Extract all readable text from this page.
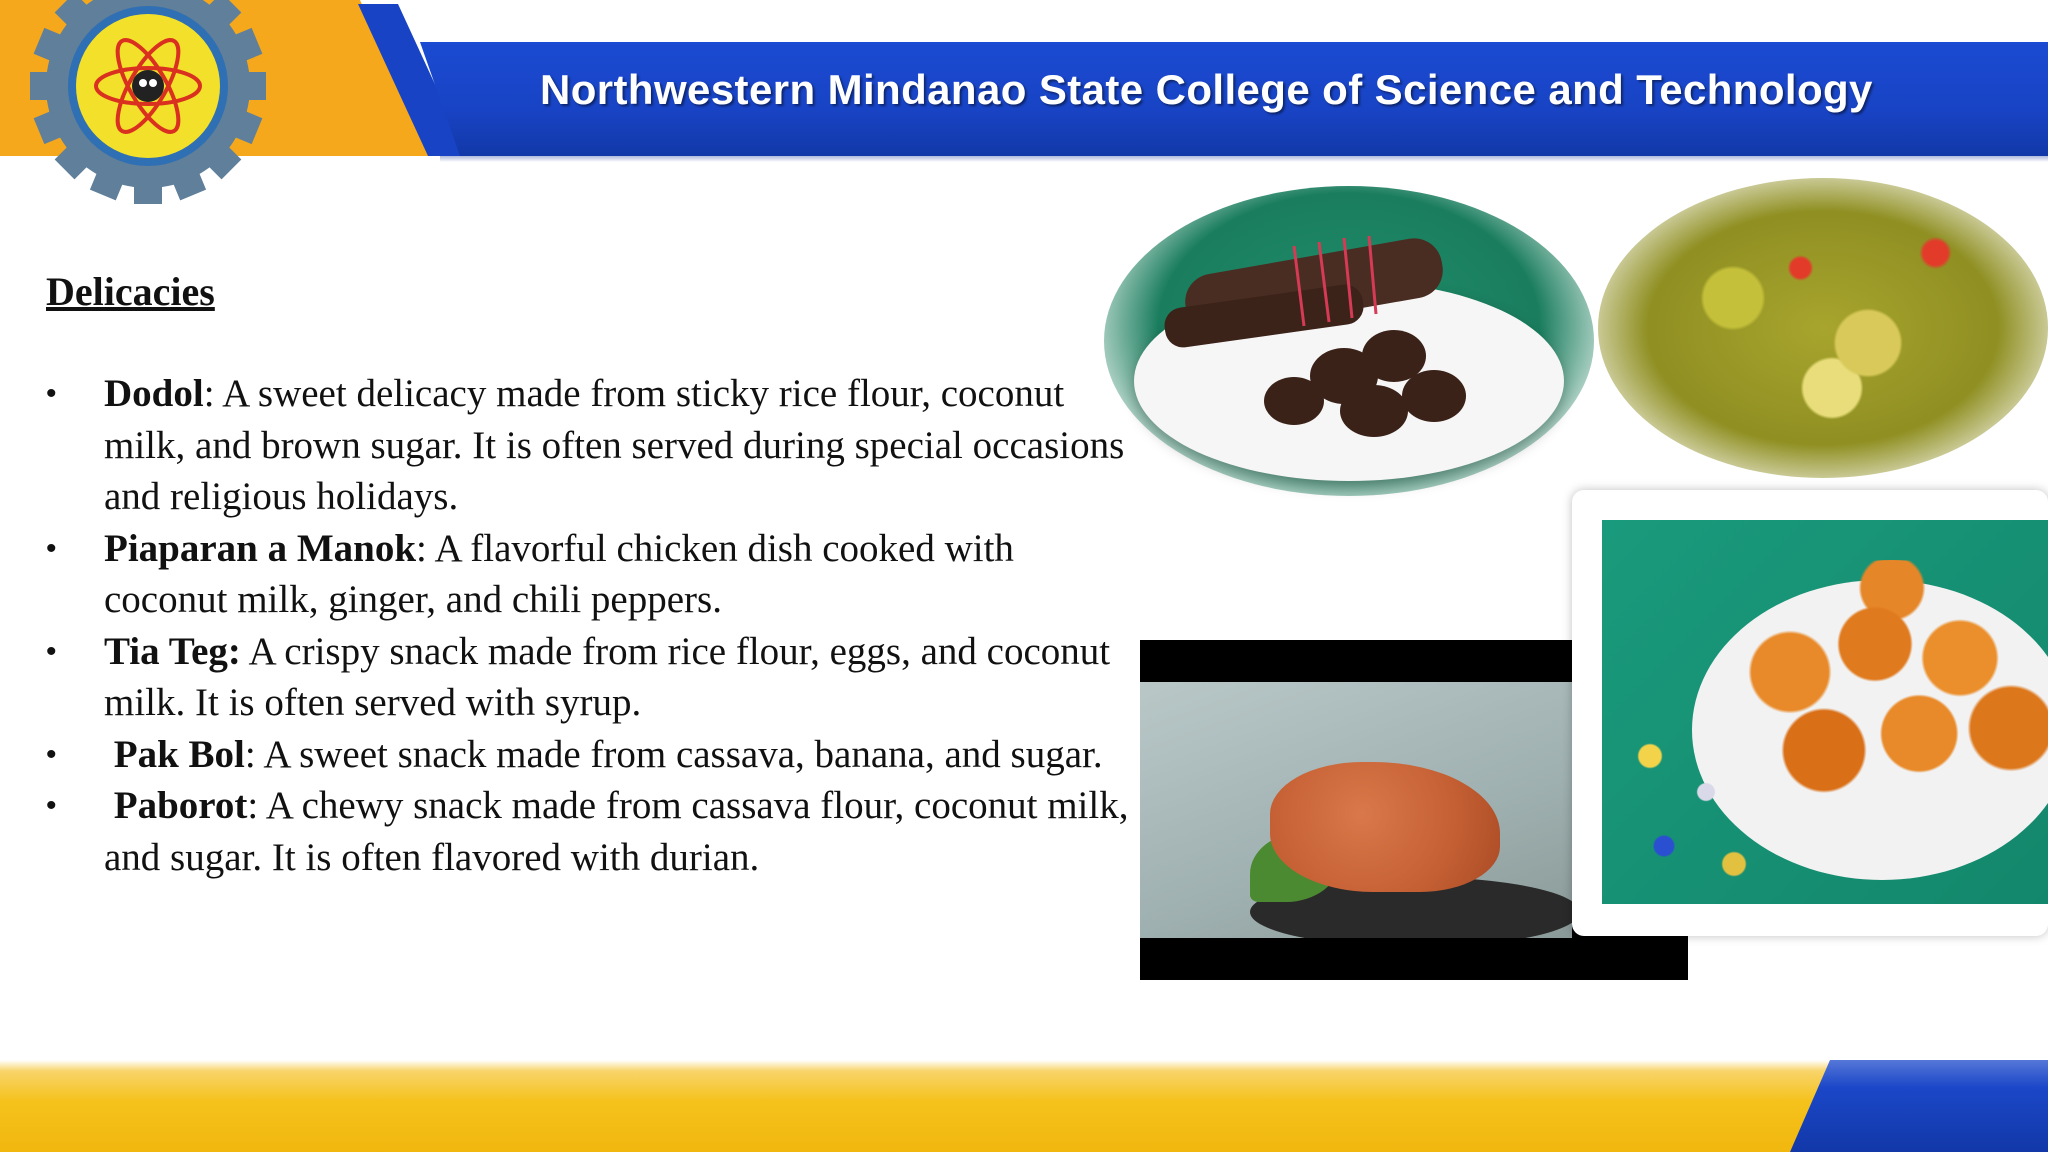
Northwestern Mindanao State College of Science and Technology
Delicacies
• Dodol: A sweet delicacy made from sticky rice flour, coconut milk, and brown sugar. It is often served during special occasions and religious holidays.
• Piaparan a Manok: A flavorful chicken dish cooked with coconut milk, ginger, and chili peppers.
• Tia Teg: A crispy snack made from rice flour, eggs, and coconut milk. It is often served with syrup.
•  Pak Bol: A sweet snack made from cassava, banana, and sugar.
•  Paborot: A chewy snack made from cassava flour, coconut milk, and sugar. It is often flavored with durian.
